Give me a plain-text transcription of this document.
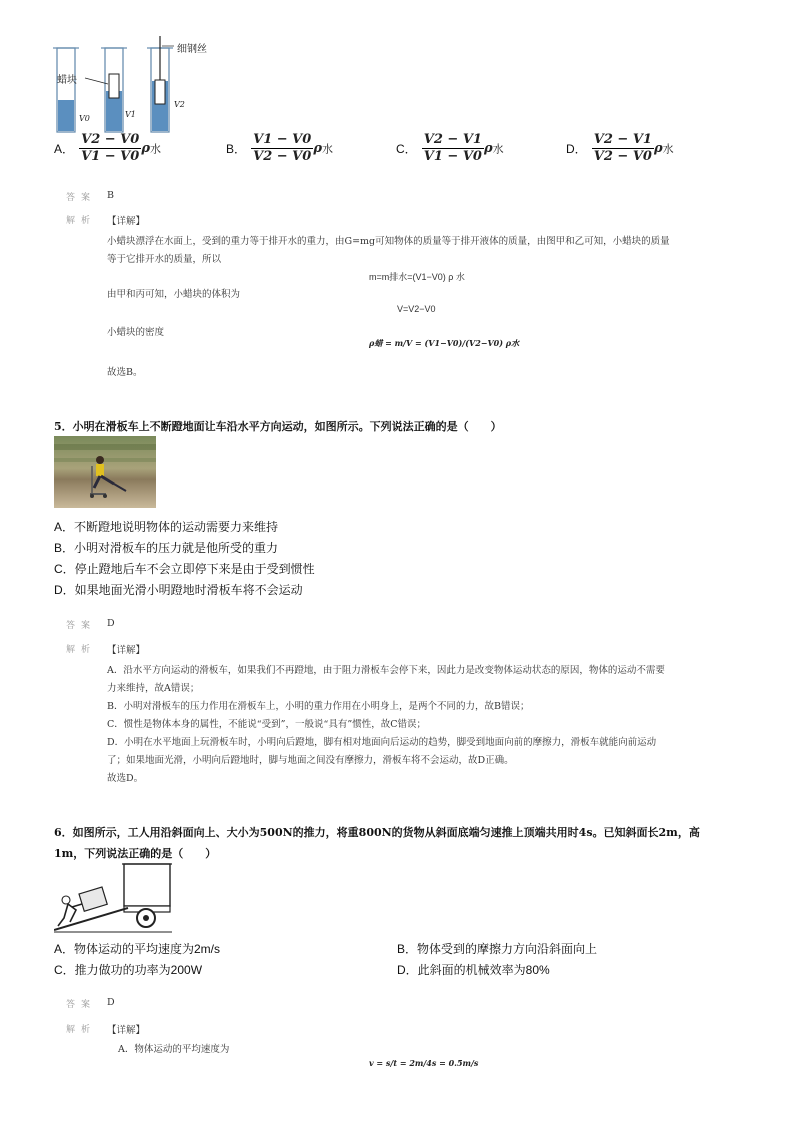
细钢丝
蜡块
V0	V1
V2
A． $\frac{V2 - V0}{V1 - V0}$ ρ水	B． $\frac{V1 - V0}{V2 - V0}$ ρ水	C． $\frac{V2 - V1}{V1 - V0}$ ρ水	D． $\frac{V2 - V1}{V2 - V0}$ ρ水
答案 B
解析 【详解】
小蜡块漂浮在水面上，受到的重力等于排开水的重力，由G=mg可知物体的质量等于排开液体的质量，由图甲和乙可知，小蜡块的质量
等于它排开水的质量，所以
m=m排水=(V1−V0) ρ 水
由甲和丙可知，小蜡块的体积为
V=V2−V0
小蜡块的密度
ρ蜡 = m/V = (V1−V0)/(V2−V0) ρ水
故选B。
5．小明在滑板车上不断蹬地面让车沿水平方向运动，如图所示。下列说法正确的是（　　）
A．不断蹬地说明物体的运动需要力来维持
B．小明对滑板车的压力就是他所受的重力
C．停止蹬地后车不会立即停下来是由于受到惯性
D．如果地面光滑小明蹬地时滑板车将不会运动
答案 D
解析 【详解】
A．沿水平方向运动的滑板车，如果我们不再蹬地，由于阻力滑板车会停下来，因此力是改变物体运动状态的原因，物体的运动不需要
力来维持，故A错误；
B．小明对滑板车的压力作用在滑板车上，小明的重力作用在小明身上，是两个不同的力，故B错误；
C．惯性是物体本身的属性，不能说“受到”，一般说“具有”惯性，故C错误；
D．小明在水平地面上玩滑板车时，小明向后蹬地，脚有相对地面向后运动的趋势，脚受到地面向前的摩擦力，滑板车就能向前运动
了；如果地面光滑，小明向后蹬地时，脚与地面之间没有摩擦力，滑板车将不会运动，故D正确。
故选D。
6．如图所示，工人用沿斜面向上、大小为500N的推力，将重800N的货物从斜面底端匀速推上顶端共用时4s。已知斜面长2m，高
1m，下列说法正确的是（　　）
A．物体运动的平均速度为2m/s	B．物体受到的摩擦力方向沿斜面向上
C．推力做功的功率为200W	D．此斜面的机械效率为80%
答案 D
解析 【详解】
A．物体运动的平均速度为
v = s/t = 2m/4s = 0.5m/s
